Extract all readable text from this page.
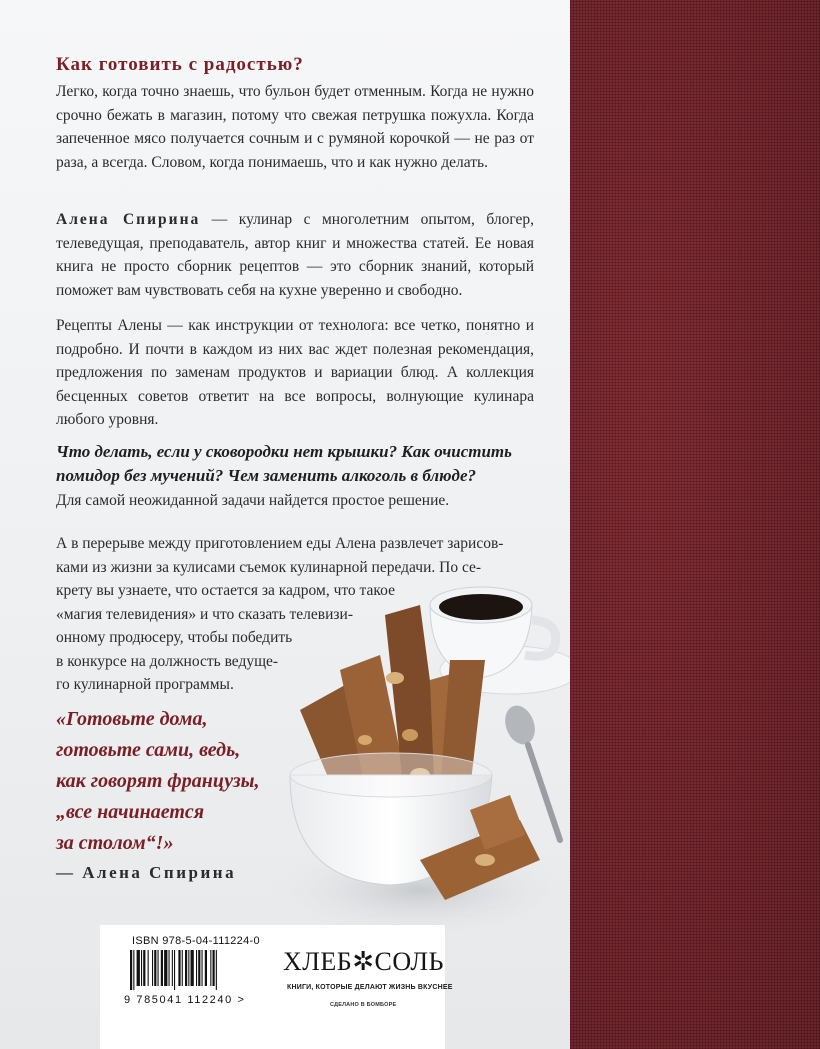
Как готовить с радостью?
Легко, когда точно знаешь, что бульон будет отменным. Когда не нужно срочно бежать в магазин, потому что свежая петрушка пожухла. Когда запеченное мясо получается сочным и с румяной корочкой — не раз от раза, а всегда. Словом, когда понимаешь, что и как нужно делать.
Алена Спирина — кулинар с многолетним опытом, блогер, телеведущая, преподаватель, автор книг и множества статей. Ее новая книга не просто сборник рецептов — это сборник знаний, который поможет вам чувствовать себя на кухне уверенно и свободно.
Рецепты Алены — как инструкции от технолога: все четко, понятно и подробно. И почти в каждом из них вас ждет полезная рекомендация, предложения по заменам продуктов и вариации блюд. А коллекция бесценных советов ответит на все вопросы, волнующие кулинара любого уровня.
Что делать, если у сковородки нет крышки? Как очистить помидор без мучений? Чем заменить алкоголь в блюде?
Для самой неожиданной задачи найдется простое решение.
А в перерыве между приготовлением еды Алена развлечет зарисов-
ками из жизни за кулисами съемок кулинарной передачи. По се-
крету вы узнаете, что остается за кадром, что такое
«магия телевидения» и что сказать телевизи-
онному продюсеру, чтобы победить
в конкурсе на должность ведуще-
го кулинарной программы.
«Готовьте дома,
готовьте сами, ведь,
как говорят французы,
„все начинается
за столом“!»
— Алена Спирина
ISBN 978-5-04-111224-0
9 785041 112240 >
ХЛЕБ✲СОЛЬ
КНИГИ, КОТОРЫЕ ДЕЛАЮТ ЖИЗНЬ ВКУСНЕЕ
СДЕЛАНО В БОМБОРЕ
